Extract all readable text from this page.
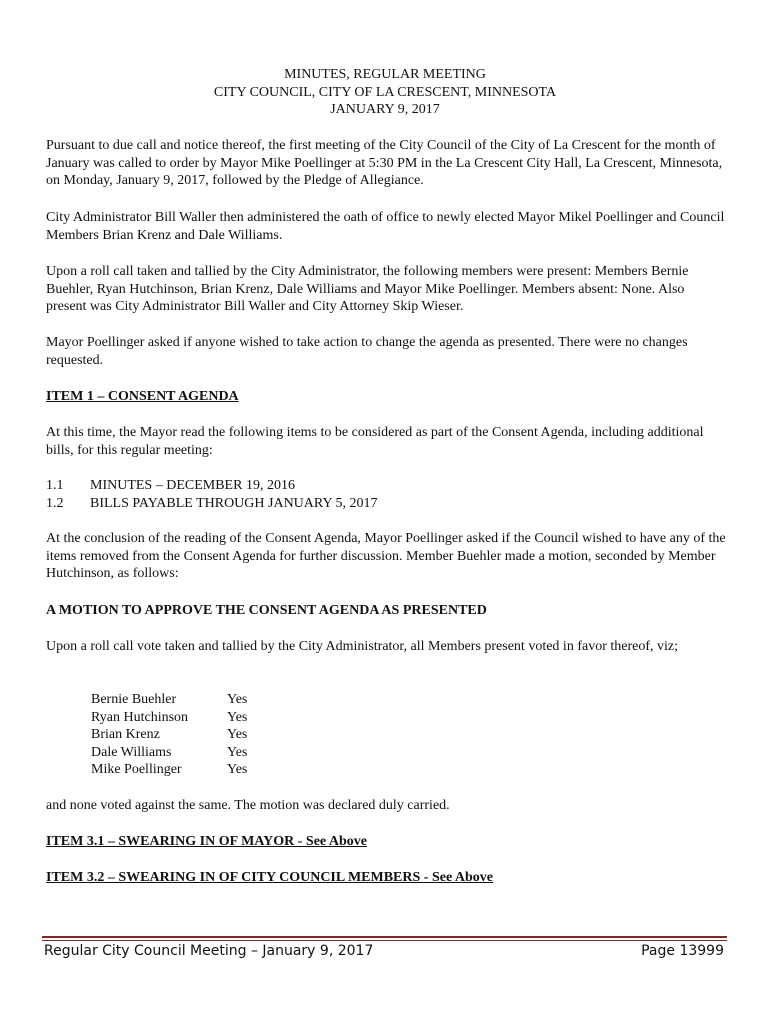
MINUTES, REGULAR MEETING
CITY COUNCIL, CITY OF LA CRESCENT, MINNESOTA
JANUARY 9, 2017

Pursuant to due call and notice thereof, the first meeting of the City Council of the City of La Crescent for the month of January was called to order by Mayor Mike Poellinger at 5:30 PM in the La Crescent City Hall, La Crescent, Minnesota, on Monday, January 9, 2017, followed by the Pledge of Allegiance.

City Administrator Bill Waller then administered the oath of office to newly elected Mayor Mikel Poellinger and Council Members Brian Krenz and Dale Williams.

Upon a roll call taken and tallied by the City Administrator, the following members were present: Members Bernie Buehler, Ryan Hutchinson, Brian Krenz, Dale Williams and Mayor Mike Poellinger. Members absent: None. Also present was City Administrator Bill Waller and City Attorney Skip Wieser.

Mayor Poellinger asked if anyone wished to take action to change the agenda as presented. There were no changes requested.

ITEM 1 – CONSENT AGENDA

At this time, the Mayor read the following items to be considered as part of the Consent Agenda, including additional bills, for this regular meeting:

1.1 MINUTES – DECEMBER 19, 2016
1.2 BILLS PAYABLE THROUGH JANUARY 5, 2017

At the conclusion of the reading of the Consent Agenda, Mayor Poellinger asked if the Council wished to have any of the items removed from the Consent Agenda for further discussion. Member Buehler made a motion, seconded by Member Hutchinson, as follows:

A MOTION TO APPROVE THE CONSENT AGENDA AS PRESENTED

Upon a roll call vote taken and tallied by the City Administrator, all Members present voted in favor thereof, viz;

Bernie Buehler	Yes
Ryan Hutchinson	Yes
Brian Krenz	Yes
Dale Williams	Yes
Mike Poellinger	Yes

and none voted against the same. The motion was declared duly carried.

ITEM 3.1 – SWEARING IN OF MAYOR - See Above

ITEM 3.2 – SWEARING IN OF CITY COUNCIL MEMBERS - See Above

Regular City Council Meeting – January 9, 2017	Page 13999
